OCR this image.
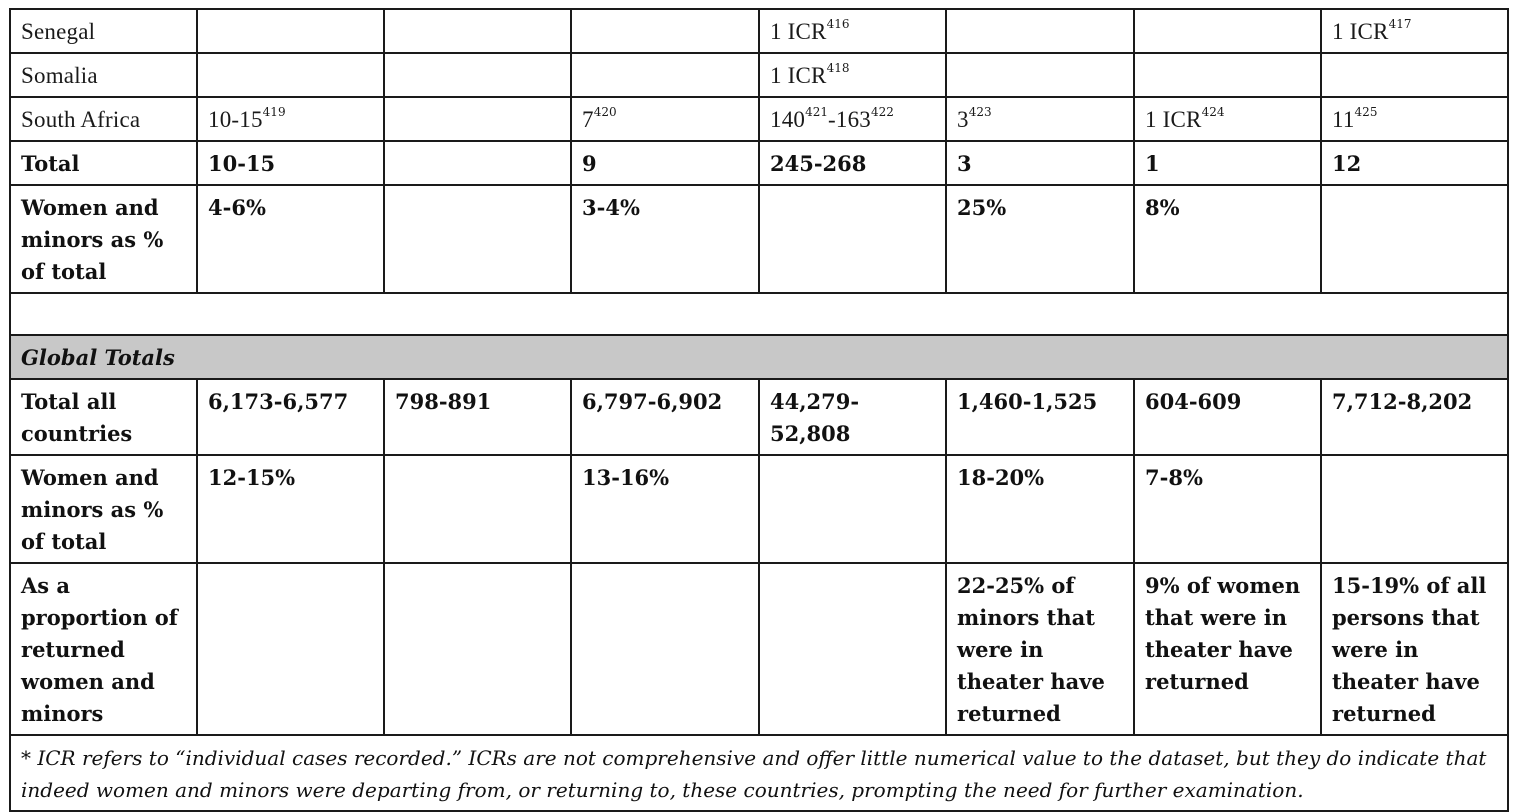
Senegal				1 ICR$^{416}$			1 ICR$^{417}$
Somalia				1 ICR$^{418}$			
South Africa	$10-15^{419}$		$7^{420}$	$140^{421}-163^{422}$	$3^{423}$	1 ICR$^{424}$	$11^{425}$
Total	10-15		9	245-268	3	1	12
Women and minors as % of total	4-6%		3-4%		25%	8%	

Global Totals							
Total all countries	6,173-6,577	798-891	6,797-6,902	44,279-52,808	1,460-1,525	604-609	7,712-8,202
Women and minors as % of total	12-15%		13-16%		18-20%	7-8%	
As a proportion of returned women and minors					22-25% of minors that were in theater have returned	9% of women that were in theater have returned	15-19% of all persons that were in theater have returned
* ICR refers to “individual cases recorded.” ICRs are not comprehensive and offer little numerical value to the dataset, but they do indicate that indeed women and minors were departing from, or returning to, these countries, prompting the need for further examination.							
